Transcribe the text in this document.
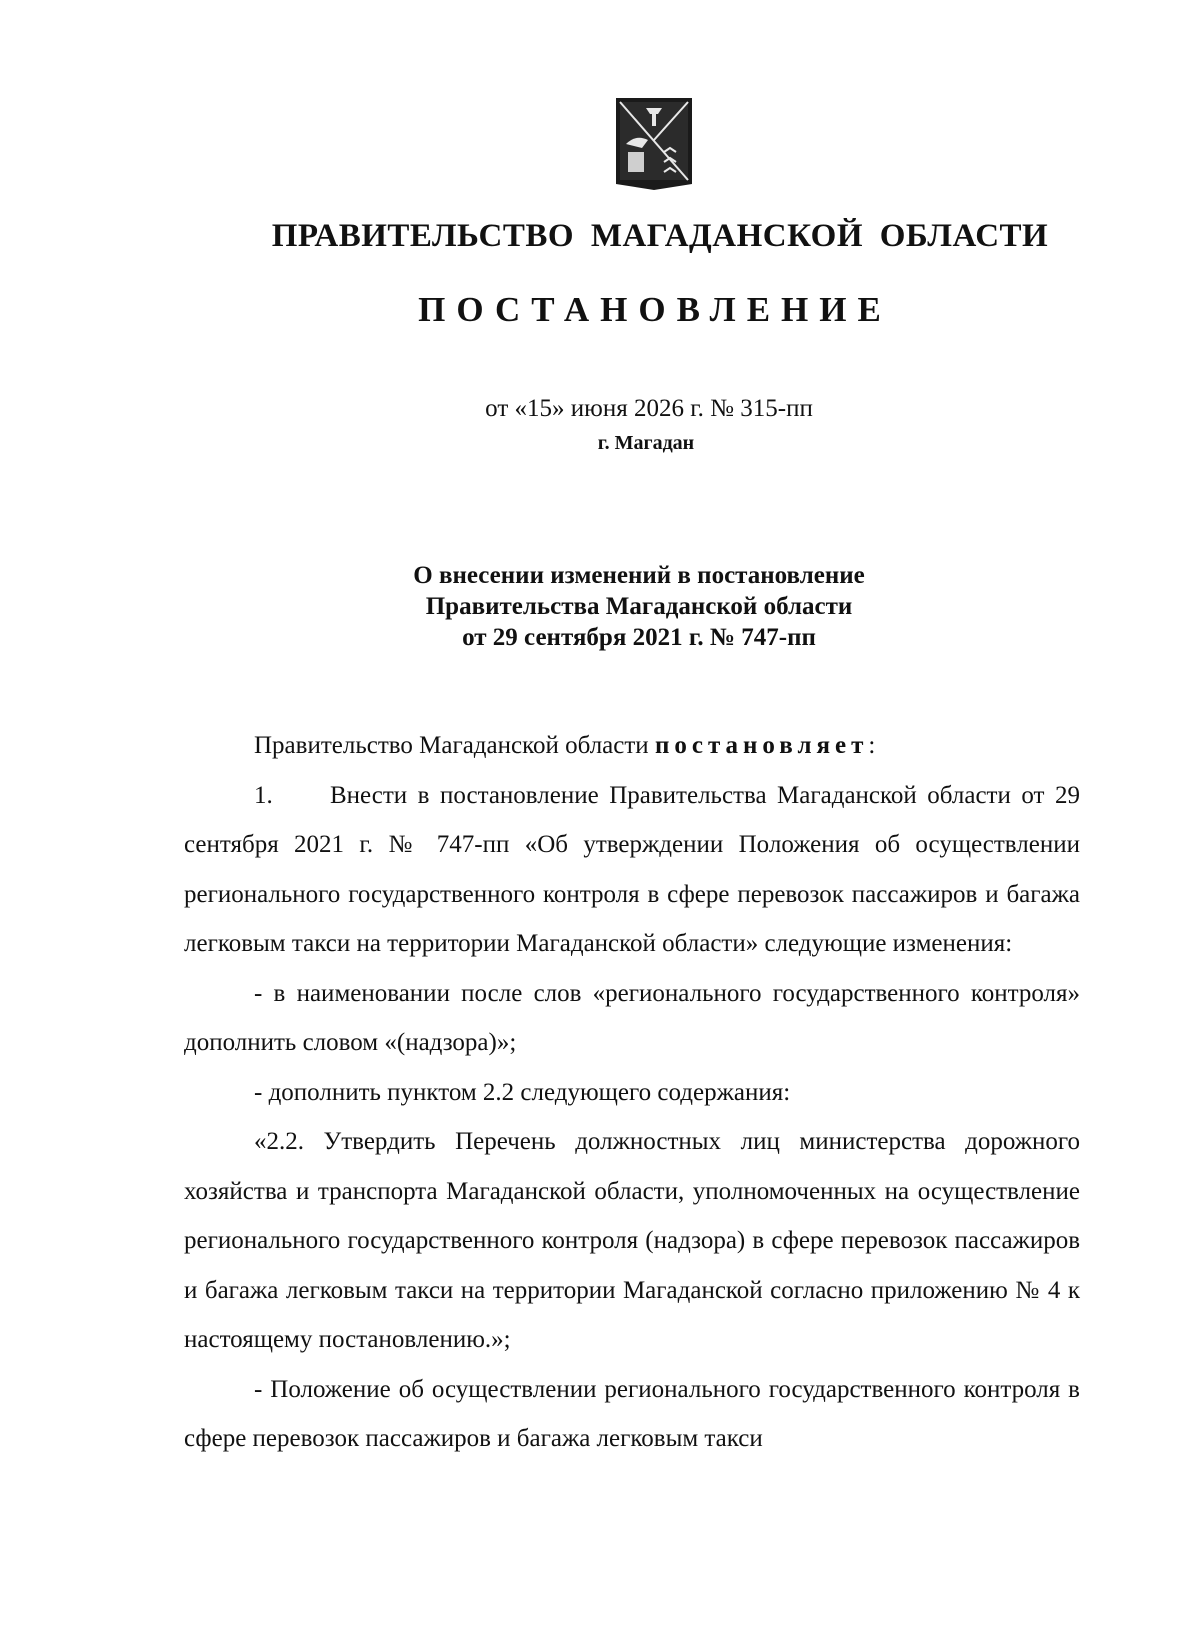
ПРАВИТЕЛЬСТВО МАГАДАНСКОЙ ОБЛАСТИ
ПОСТАНОВЛЕНИЕ
от «15» июня 2026 г. № 315-пп
г. Магадан
О внесении изменений в постановление
Правительства Магаданской области
от 29 сентября 2021 г. № 747-пп

Правительство Магаданской области постановляет:

1. Внести в постановление Правительства Магаданской области от 29 сентября 2021 г. № 747-пп «Об утверждении Положения об осуществлении регионального государственного контроля в сфере перевозок пассажиров и багажа легковым такси на территории Магаданской области» следующие изменения:

- в наименовании после слов «регионального государственного контроля» дополнить словом «(надзора)»;

- дополнить пунктом 2.2 следующего содержания:

«2.2. Утвердить Перечень должностных лиц министерства дорожного хозяйства и транспорта Магаданской области, уполномоченных на осуществление регионального государственного контроля (надзора) в сфере перевозок пассажиров и багажа легковым такси на территории Магаданской согласно приложению № 4 к настоящему постановлению.»;

- Положение об осуществлении регионального государственного контроля в сфере перевозок пассажиров и багажа легковым такси
